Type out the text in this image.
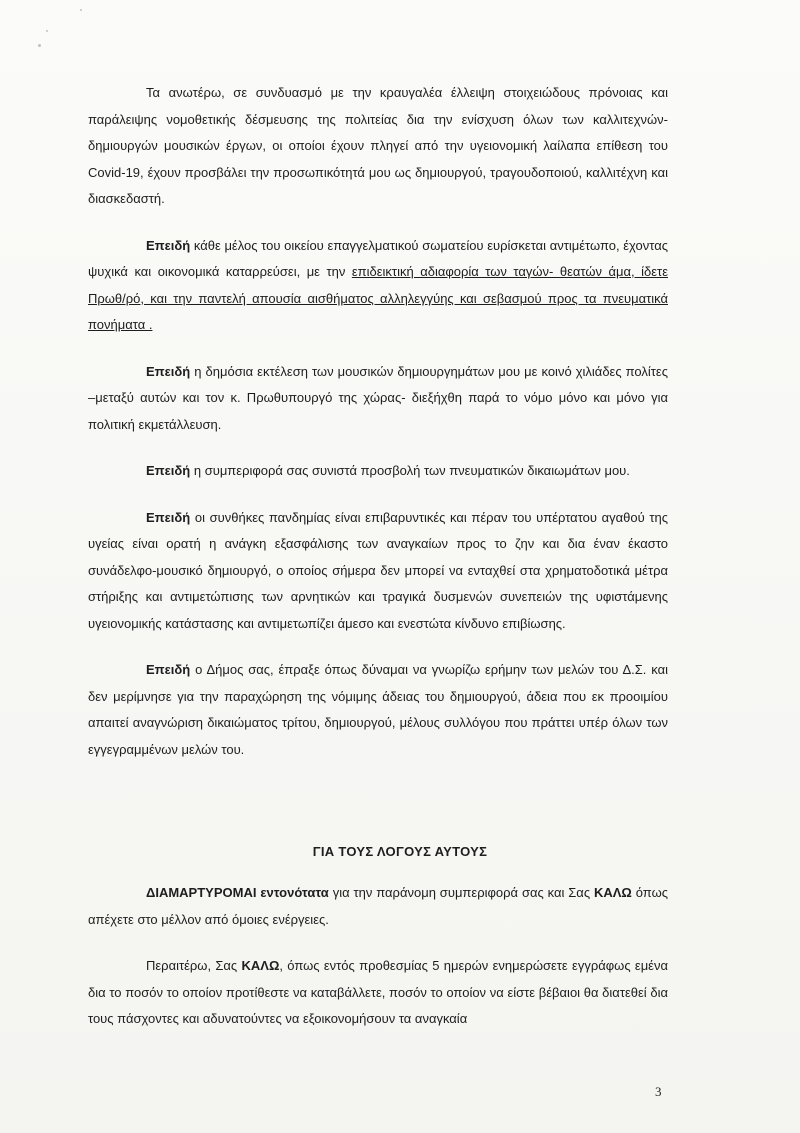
Τα ανωτέρω, σε συνδυασμό με την κραυγαλέα έλλειψη στοιχειώδους πρόνοιας και παράλειψης νομοθετικής δέσμευσης της πολιτείας δια την ενίσχυση όλων των καλλιτεχνών-δημιουργών μουσικών έργων, οι οποίοι έχουν πληγεί από την υγειονομική λαίλαπα επίθεση του Covid-19, έχουν προσβάλει την προσωπικότητά μου ως δημιουργού, τραγουδοποιού, καλλιτέχνη και διασκεδαστή.

Επειδή κάθε μέλος του οικείου επαγγελματικού σωματείου ευρίσκεται αντιμέτωπο, έχοντας ψυχικά και οικονομικά καταρρεύσει, με την επιδεικτική αδιαφορία των ταγών- θεατών άμα, ίδετε Πρωθ/ρό, και την παντελή απουσία αισθήματος αλληλεγγύης και σεβασμού προς τα πνευματικά πονήματα .

Επειδή η δημόσια εκτέλεση των μουσικών δημιουργημάτων μου με κοινό χιλιάδες πολίτες –μεταξύ αυτών και τον κ. Πρωθυπουργό της χώρας- διεξήχθη παρά το νόμο μόνο και μόνο για πολιτική εκμετάλλευση.

Επειδή η συμπεριφορά σας συνιστά προσβολή των πνευματικών δικαιωμάτων μου.

Επειδή οι συνθήκες πανδημίας είναι επιβαρυντικές και πέραν του υπέρτατου αγαθού της υγείας είναι ορατή η ανάγκη εξασφάλισης των αναγκαίων προς το ζην και δια έναν έκαστο συνάδελφο-μουσικό δημιουργό, ο οποίος σήμερα δεν μπορεί να ενταχθεί στα χρηματοδοτικά μέτρα στήριξης και αντιμετώπισης των αρνητικών και τραγικά δυσμενών συνεπειών της υφιστάμενης υγειονομικής κατάστασης και αντιμετωπίζει άμεσο και ενεστώτα κίνδυνο επιβίωσης.

Επειδή ο Δήμος σας, έπραξε όπως δύναμαι να γνωρίζω ερήμην των μελών του Δ.Σ. και δεν μερίμνησε για την παραχώρηση της νόμιμης άδειας του δημιουργού, άδεια που εκ προοιμίου απαιτεί αναγνώριση δικαιώματος τρίτου, δημιουργού, μέλους συλλόγου που πράττει υπέρ όλων των εγγεγραμμένων μελών του.

ΓΙΑ ΤΟΥΣ ΛΟΓΟΥΣ ΑΥΤΟΥΣ

ΔΙΑΜΑΡΤΥΡΟΜΑΙ εντονότατα για την παράνομη συμπεριφορά σας και Σας ΚΑΛΩ όπως απέχετε στο μέλλον από όμοιες ενέργειες.

Περαιτέρω, Σας ΚΑΛΩ, όπως εντός προθεσμίας 5 ημερών ενημερώσετε εγγράφως εμένα δια το ποσόν το οποίον προτίθεστε να καταβάλλετε, ποσόν το οποίον να είστε βέβαιοι θα διατεθεί δια τους πάσχοντες και αδυνατούντες να εξοικονομήσουν τα αναγκαία

3
